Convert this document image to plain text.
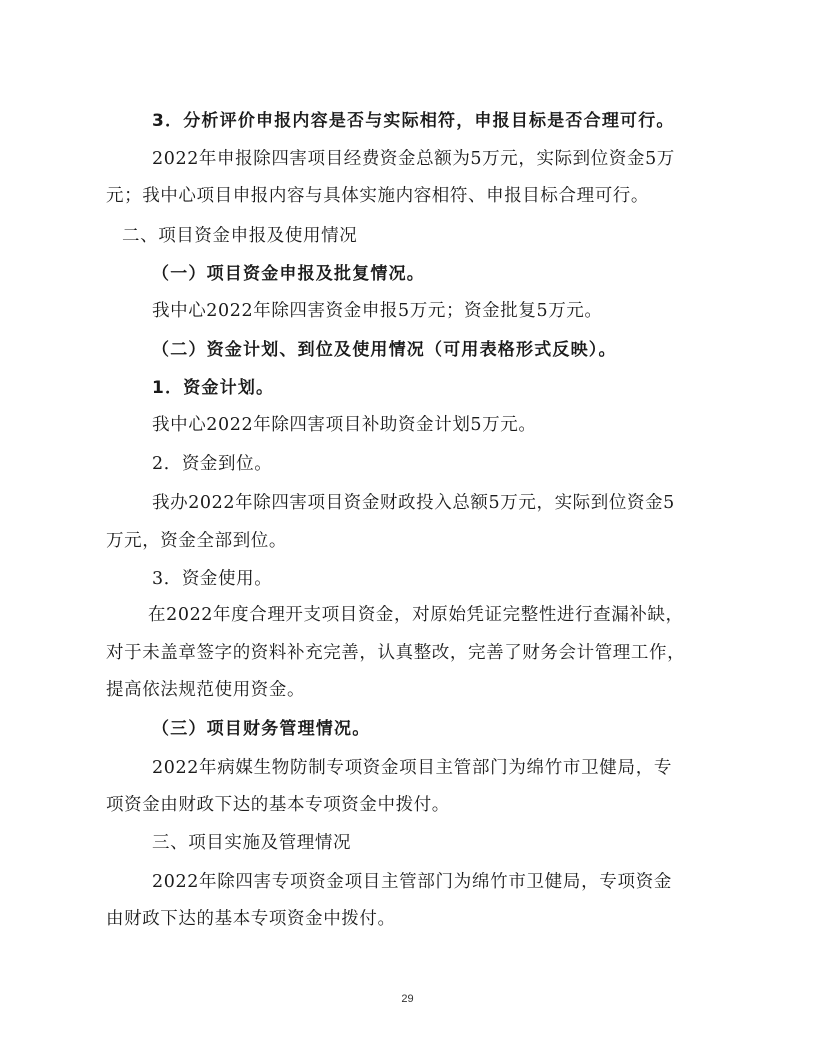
3．分析评价申报内容是否与实际相符，申报目标是否合理可行。
2022年申报除四害项目经费资金总额为5万元，实际到位资金5万
元；我中心项目申报内容与具体实施内容相符、申报目标合理可行。
二、项目资金申报及使用情况
（一）项目资金申报及批复情况。
我中心2022年除四害资金申报5万元；资金批复5万元。
（二）资金计划、到位及使用情况（可用表格形式反映）。
1．资金计划。
我中心2022年除四害项目补助资金计划5万元。
2．资金到位。
我办2022年除四害项目资金财政投入总额5万元，实际到位资金5
万元，资金全部到位。
3．资金使用。
在2022年度合理开支项目资金，对原始凭证完整性进行查漏补缺，
对于未盖章签字的资料补充完善，认真整改，完善了财务会计管理工作，
提高依法规范使用资金。
（三）项目财务管理情况。
2022年病媒生物防制专项资金项目主管部门为绵竹市卫健局，专
项资金由财政下达的基本专项资金中拨付。
三、项目实施及管理情况
2022年除四害专项资金项目主管部门为绵竹市卫健局，专项资金
由财政下达的基本专项资金中拨付。
29
